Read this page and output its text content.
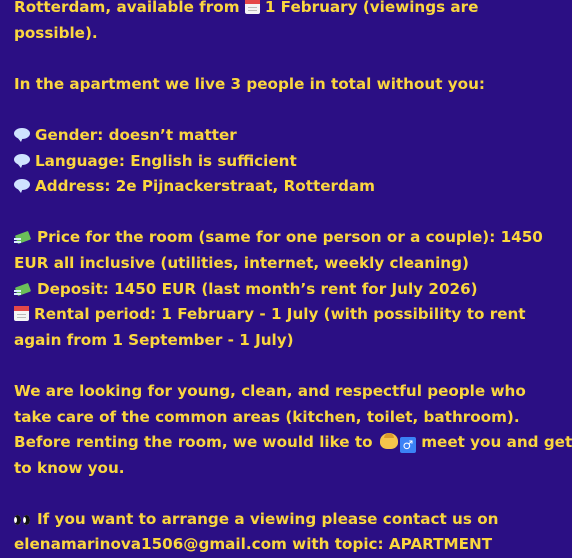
Rotterdam, available from 1 February (viewings are
possible).
In the apartment we live 3 people in total without you:
Gender: doesn’t matter
Language: English is sufficient
Address: 2e Pijnackerstraat, Rotterdam
Price for the room (same for one person or a couple): 1450
EUR all inclusive (utilities, internet, weekly cleaning)
Deposit: 1450 EUR (last month’s rent for July 2026)
Rental period: 1 February - 1 July (with possibility to rent
again from 1 September - 1 July)
We are looking for young, clean, and respectful people who
take care of the common areas (kitchen, toilet, bathroom).
Before renting the room, we would like to ♂ meet you and get
to know you.
If you want to arrange a viewing please contact us on
elenamarinova1506@gmail.com with topic: APARTMENT
